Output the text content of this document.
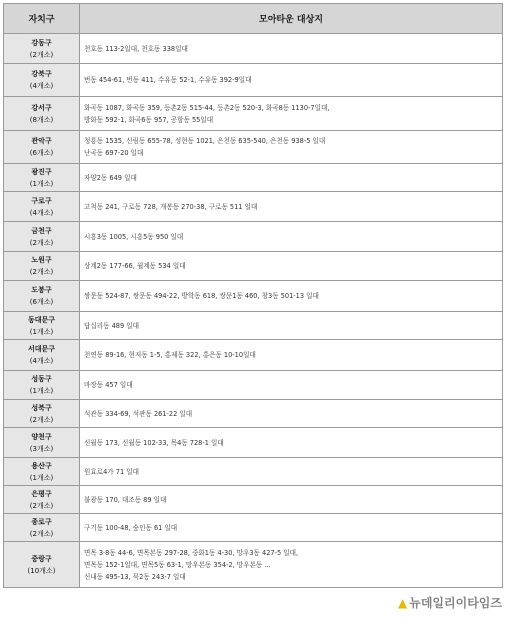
자치구	모아타운 대상지
강동구
(2개소)	천호동 113-2일대, 천호동 338일대

강북구
(4개소)	번동 454-61, 번동 411, 수유동 52-1, 수유동 392-9일대

강서구
(8개소)	화곡동 1087, 화곡동 359, 등촌2동 515-44, 등촌2동 520-3, 화곡8동 1130-7일대,
방화동 592-1, 화곡6동 957, 공항동 55일대

관악구
(6개소)	청룡동 1535, 신림동 655-78, 성현동 1021, 은천동 635-540, 은천동 938-5 일대
난곡동 697-20 일대

광진구
(1개소)	자양2동 649 일대

구로구
(4개소)	고척동 241, 구로동 728, 개봉동 270-38, 구로동 511 일대

금천구
(2개소)	시흥3동 1005, 시흥5동 950 일대

노원구
(2개소)	상계2동 177-66, 월계동 534 일대

도봉구
(6개소)	쌍문동 524-87, 쌍문동 494-22, 방학동 618, 쌍문1동 460, 창3동 501-13 일대

동대문구
(1개소)	답십리동 489 일대

서대문구
(4개소)	천연동 89-16, 현저동 1-5, 홍제동 322, 홍은동 10-10일대

성동구
(1개소)	마장동 457 일대

성북구
(2개소)	석관동 334-69, 석관동 261-22 일대

양천구
(3개소)	신월동 173, 신월동 102-33, 목4동 728-1 일대

용산구
(1개소)	원효로4가 71 일대

은평구
(2개소)	불광동 170, 대조동 89 일대

종로구
(2개소)	구기동 100-48, 숭인동 61 일대

중랑구
(10개소)	면목 3·8동 44-6, 면목본동 297-28, 중화1동 4-30, 망우3동 427-5 일대,
면목동 152-1일대, 면목5동 63-1, 망우본동 354-2, 망우본동 ...
신내동 495-13, 묵2동 243-7 일대
▲ 뉴데일리이타임즈
